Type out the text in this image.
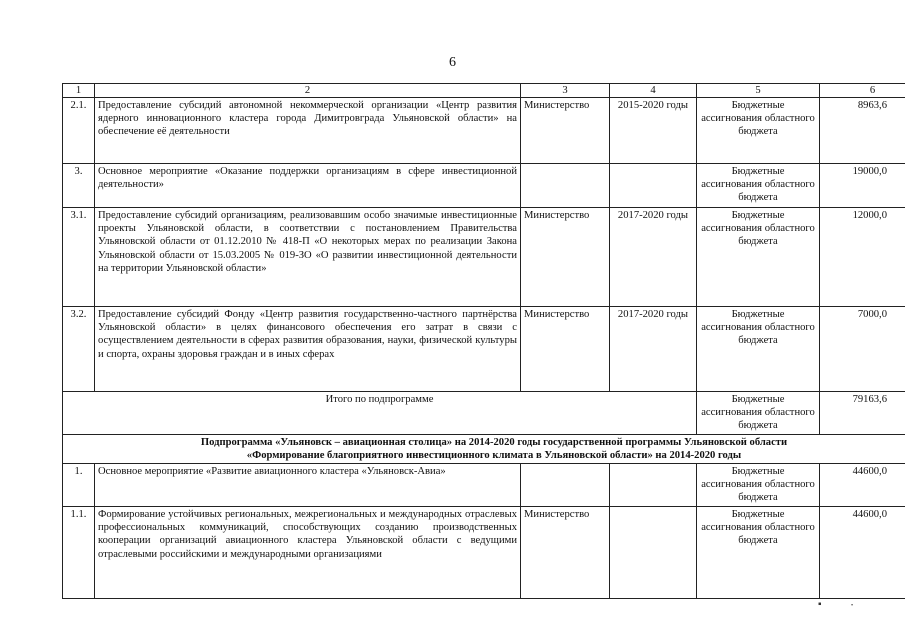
6
1	2	3	4	5	6
2.1.	Предоставление субсидий автономной некоммерческой организации «Центр развития ядерного инновационного кластера города Димитровграда Ульяновской области» на обеспечение её деятельности	Министерство	2015-2020 годы	Бюджетные ассигнования областного бюджета	8963,6
3.	Основное мероприятие «Оказание поддержки организациям в сфере инвестиционной деятельности»			Бюджетные ассигнования областного бюджета	19000,0
3.1.	Предоставление субсидий организациям, реализовавшим особо значимые инвестиционные проекты Ульяновской области, в соответствии с постановлением Правительства Ульяновской области от 01.12.2010 № 418-П «О некоторых мерах по реализации Закона Ульяновской области от 15.03.2005 № 019-ЗО «О развитии инвестиционной деятельности на территории Ульяновской области»	Министерство	2017-2020 годы	Бюджетные ассигнования областного бюджета	12000,0
3.2.	Предоставление субсидий Фонду «Центр развития государственно-частного партнёрства Ульяновской области» в целях финансового обеспечения его затрат в связи с осуществлением деятельности в сферах развития образования, науки, физической культуры и спорта, охраны здоровья граждан и в иных сферах	Министерство	2017-2020 годы	Бюджетные ассигнования областного бюджета	7000,0
Итого по подпрограмме				Бюджетные ассигнования областного бюджета	79163,6

Подпрограмма «Ульяновск – авиационная столица» на 2014-2020 годы государственной программы Ульяновской области
«Формирование благоприятного инвестиционного климата в Ульяновской области» на 2014-2020 годы					

1.	Основное мероприятие «Развитие авиационного кластера «Ульяновск-Авиа»			Бюджетные ассигнования областного бюджета	44600,0
1.1.	Формирование устойчивых региональных, межрегиональных и международных отраслевых профессиональных коммуникаций, способствующих созданию производственных кооперации организаций авиационного кластера Ульяновской области с ведущими отраслевыми российскими и международными организациями	Министерство		Бюджетные ассигнования областного бюджета	44600,0
▪	•
